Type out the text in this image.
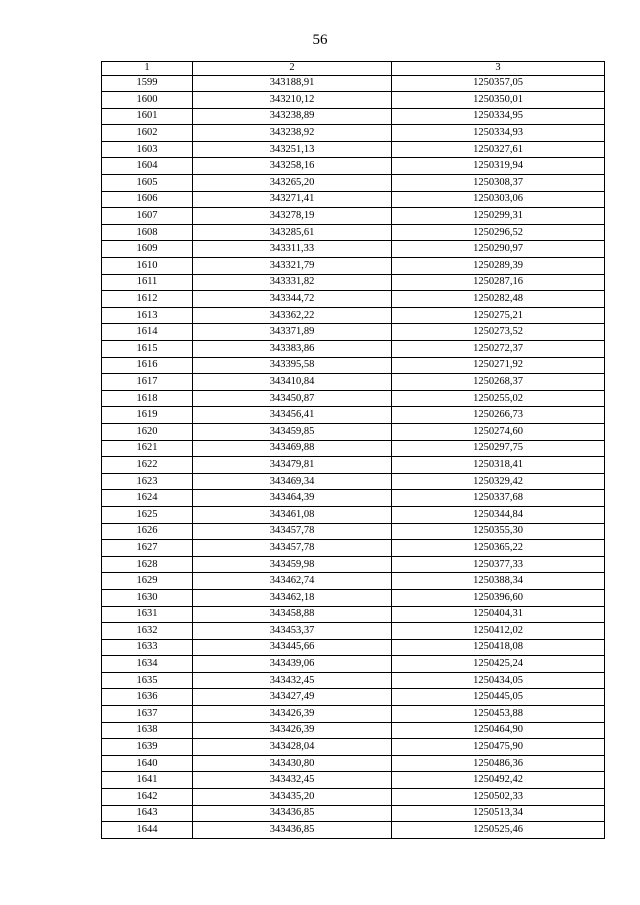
56
1	2	3
1599	343188,91	1250357,05
1600	343210,12	1250350,01
1601	343238,89	1250334,95
1602	343238,92	1250334,93
1603	343251,13	1250327,61
1604	343258,16	1250319,94
1605	343265,20	1250308,37
1606	343271,41	1250303,06
1607	343278,19	1250299,31
1608	343285,61	1250296,52
1609	343311,33	1250290,97
1610	343321,79	1250289,39
1611	343331,82	1250287,16
1612	343344,72	1250282,48
1613	343362,22	1250275,21
1614	343371,89	1250273,52
1615	343383,86	1250272,37
1616	343395,58	1250271,92
1617	343410,84	1250268,37
1618	343450,87	1250255,02
1619	343456,41	1250266,73
1620	343459,85	1250274,60
1621	343469,88	1250297,75
1622	343479,81	1250318,41
1623	343469,34	1250329,42
1624	343464,39	1250337,68
1625	343461,08	1250344,84
1626	343457,78	1250355,30
1627	343457,78	1250365,22
1628	343459,98	1250377,33
1629	343462,74	1250388,34
1630	343462,18	1250396,60
1631	343458,88	1250404,31
1632	343453,37	1250412,02
1633	343445,66	1250418,08
1634	343439,06	1250425,24
1635	343432,45	1250434,05
1636	343427,49	1250445,05
1637	343426,39	1250453,88
1638	343426,39	1250464,90
1639	343428,04	1250475,90
1640	343430,80	1250486,36
1641	343432,45	1250492,42
1642	343435,20	1250502,33
1643	343436,85	1250513,34
1644	343436,85	1250525,46
